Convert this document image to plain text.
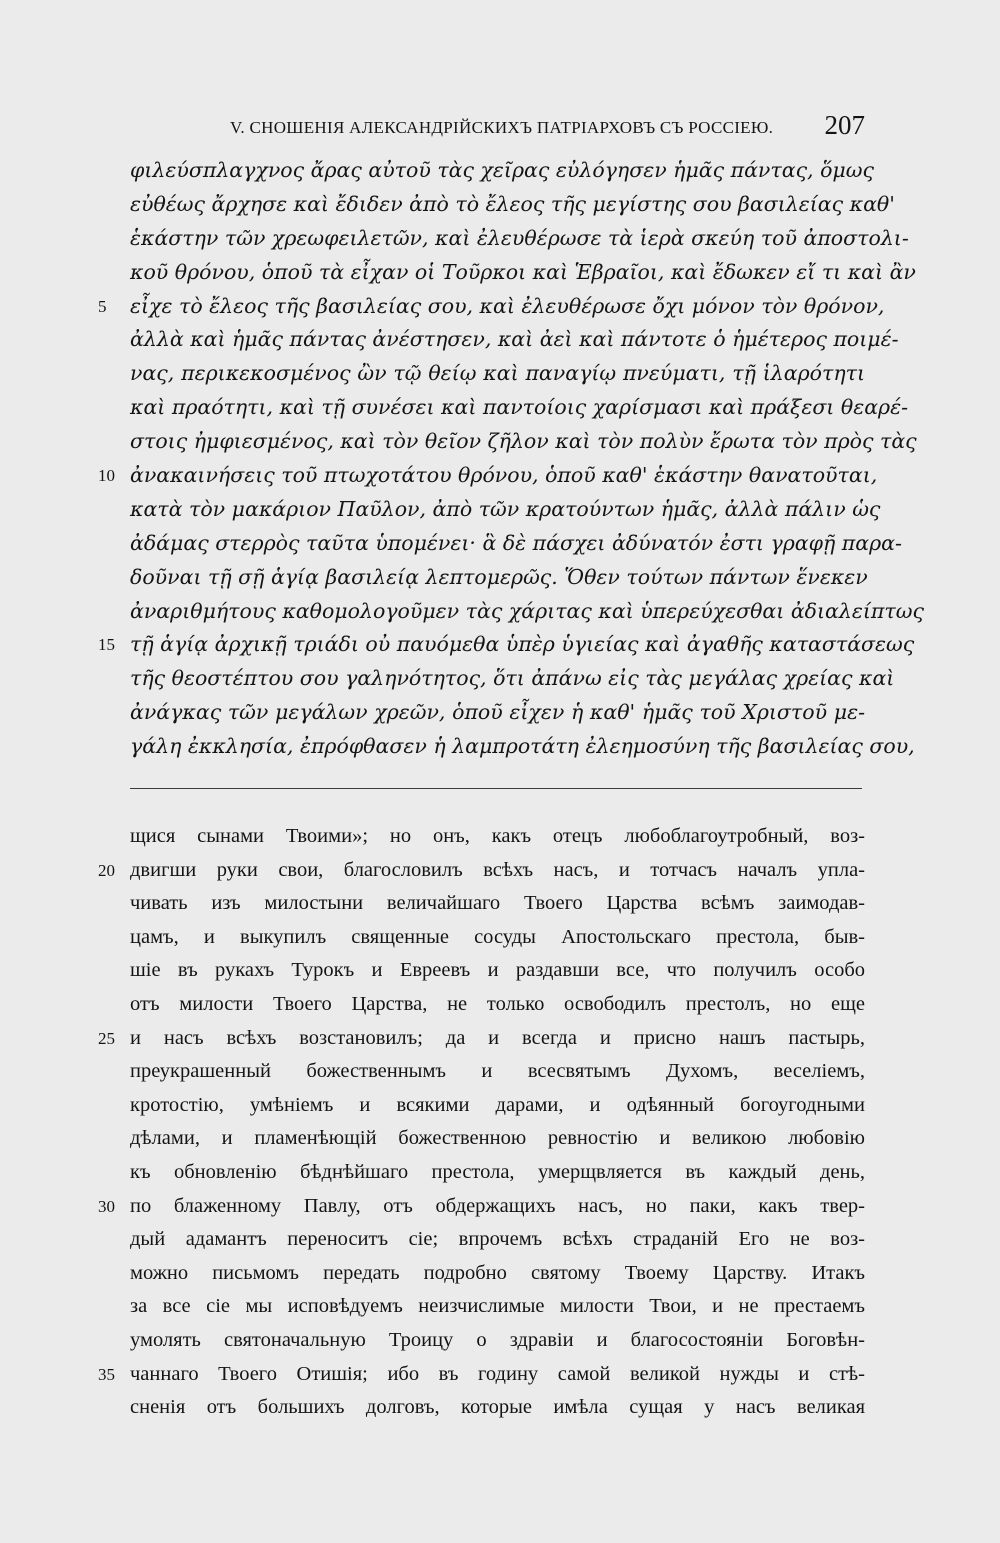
V. СНОШЕНІЯ АЛЕКСАНДРІЙСКИХЪ ПАТРІАРХОВЪ СЪ РОССІЕЮ. 207
φιλεύσπλαγχνος ἄρας αὐτοῦ τὰς χεῖρας εὐλόγησεν ἡμᾶς πάντας, ὅμως
εὐθέως ἄρχησε καὶ ἔδιδεν ἀπὸ τὸ ἔλεος τῆς μεγίστης σου βασιλείας καθ'
ἑκάστην τῶν χρεωφειλετῶν, καὶ ἐλευθέρωσε τὰ ἱερὰ σκεύη τοῦ ἀποστολι-
κοῦ θρόνου, ὁποῦ τὰ εἶχαν οἱ Τοῦρκοι καὶ Ἑβραῖοι, καὶ ἔδωκεν εἴ τι καὶ ἂν
5 εἶχε τὸ ἔλεος τῆς βασιλείας σου, καὶ ἐλευθέρωσε ὄχι μόνον τὸν θρόνον,
ἀλλὰ καὶ ἡμᾶς πάντας ἀνέστησεν, καὶ ἀεὶ καὶ πάντοτε ὁ ἡμέτερος ποιμέ-
νας, περικεκοσμένος ὢν τῷ θείῳ καὶ παναγίῳ πνεύματι, τῇ ἱλαρότητι
καὶ πραότητι, καὶ τῇ συνέσει καὶ παντοίοις χαρίσμασι καὶ πράξεσι θεαρέ-
στοις ἠμφιεσμένος, καὶ τὸν θεῖον ζῆλον καὶ τὸν πολὺν ἔρωτα τὸν πρὸς τὰς
10 ἀνακαινήσεις τοῦ πτωχοτάτου θρόνου, ὁποῦ καθ' ἑκάστην θανατοῦται,
κατὰ τὸν μακάριον Παῦλον, ἀπὸ τῶν κρατούντων ἡμᾶς, ἀλλὰ πάλιν ὡς
ἀδάμας στερρὸς ταῦτα ὑπομένει· ἃ δὲ πάσχει ἀδύνατόν ἐστι γραφῇ παρα-
δοῦναι τῇ σῇ ἁγίᾳ βασιλείᾳ λεπτομερῶς. Ὅθεν τούτων πάντων ἕνεκεν
ἀναριθμήτους καθομολογοῦμεν τὰς χάριτας καὶ ὑπερεύχεσθαι ἀδιαλείπτως
15 τῇ ἁγίᾳ ἀρχικῇ τριάδι οὐ παυόμεθα ὑπὲρ ὑγιείας καὶ ἀγαθῆς καταστάσεως
τῆς θεοστέπτου σου γαληνότητος, ὅτι ἀπάνω εἰς τὰς μεγάλας χρείας καὶ
ἀνάγκας τῶν μεγάλων χρεῶν, ὁποῦ εἶχεν ἡ καθ' ἡμᾶς τοῦ Χριστοῦ με-
γάλη ἐκκλησία, ἐπρόφθασεν ἡ λαμπροτάτη ἐλεημοσύνη τῆς βασιλείας σου,
щися сынами Твоими»; но онъ, какъ отецъ любоблагоутробный, воз-
20 двигши руки свои, благословилъ всѣхъ насъ, и тотчасъ началъ упла-
чивать изъ милостыни величайшаго Твоего Царства всѣмъ заимодав-
цамъ, и выкупилъ священные сосуды Апостольскаго престола, быв-
шіе въ рукахъ Турокъ и Евреевъ и раздавши все, что получилъ особо
отъ милости Твоего Царства, не только освободилъ престолъ, но еще
25 и насъ всѣхъ возстановилъ; да и всегда и присно нашъ пастырь,
преукрашенный божественнымъ и всесвятымъ Духомъ, веселіемъ,
кротостію, умѣніемъ и всякими дарами, и одѣянный богоугодными
дѣлами, и пламенѣющій божественною ревностію и великою любовію
къ обновленію бѣднѣйшаго престола, умерщвляется въ каждый день,
30 по блаженному Павлу, отъ обдержащихъ насъ, но паки, какъ твер-
дый адамантъ переноситъ сіе; впрочемъ всѣхъ страданій Его не воз-
можно письмомъ передать подробно святому Твоему Царству. Итакъ
за все сіе мы исповѣдуемъ неизчислимые милости Твои, и не престаемъ
умолять святоначальную Троицу о здравіи и благосостояніи Боговѣн-
35 чаннаго Твоего Отишія; ибо въ годину самой великой нужды и стѣ-
сненія отъ большихъ долговъ, которые имѣла сущая у насъ великая
